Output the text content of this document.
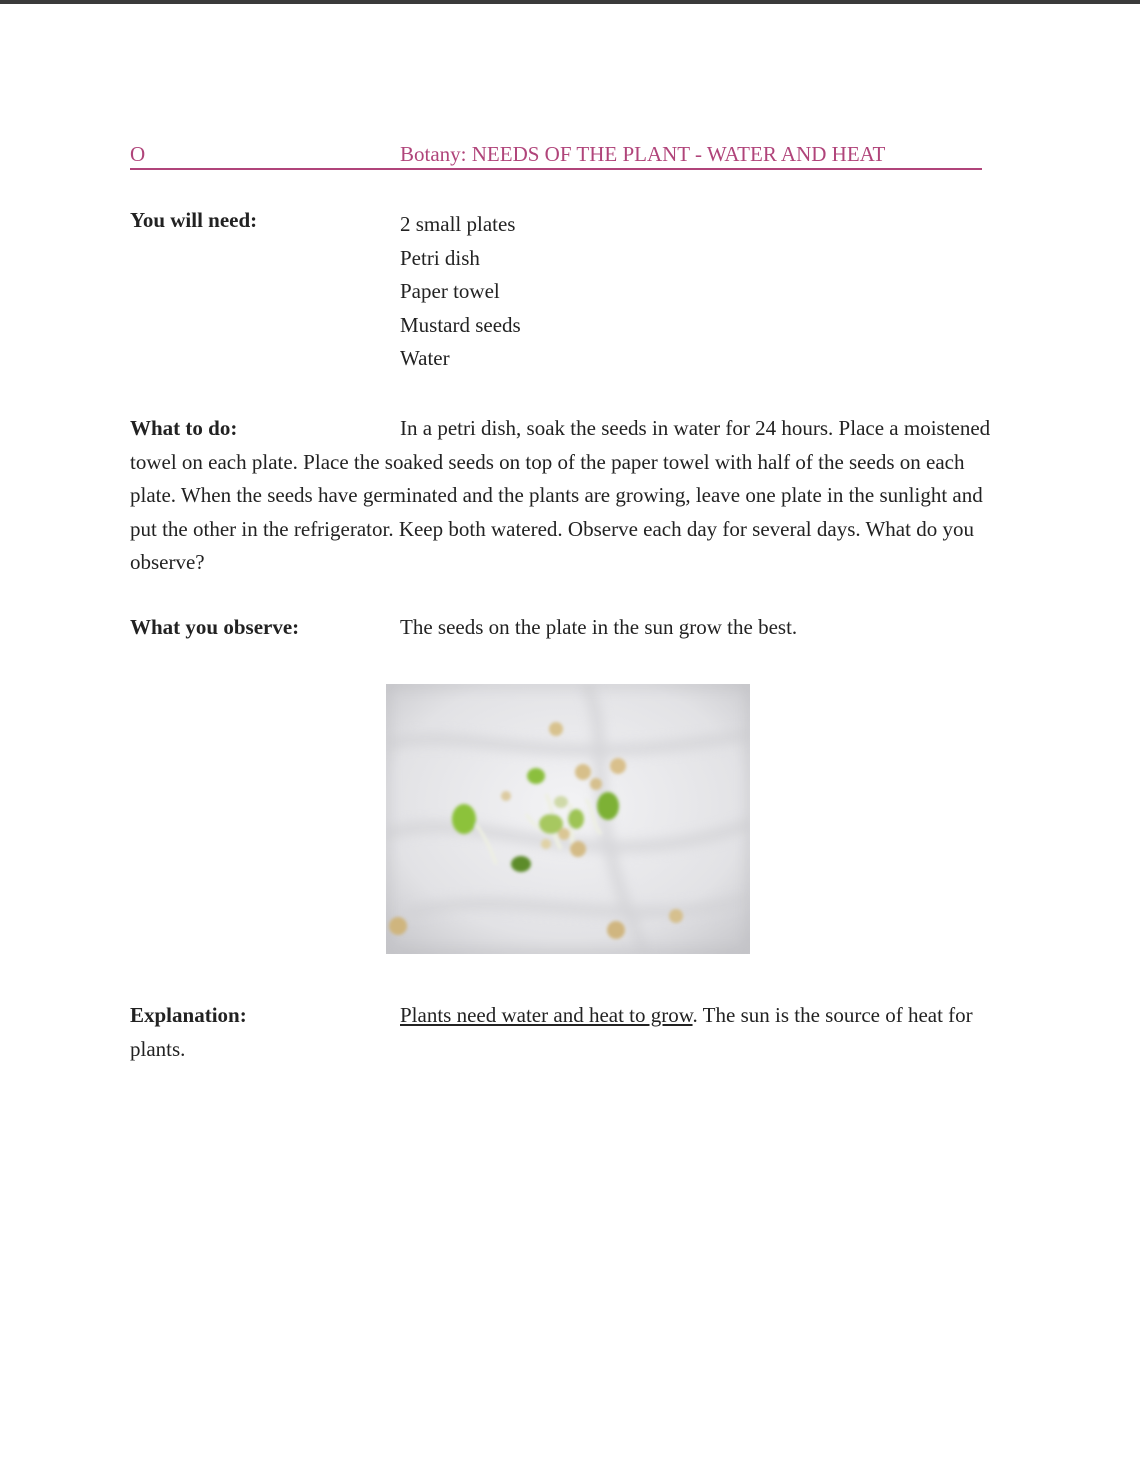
O	Botany: NEEDS OF THE PLANT - WATER AND HEAT
You will need:	2 small plates
Petri dish
Paper towel
Mustard seeds
Water
What to do:	In a petri dish, soak the seeds in water for 24 hours. Place a moistened towel on each plate. Place the soaked seeds on top of the paper towel with half of the seeds on each plate. When the seeds have germinated and the plants are growing, leave one plate in the sunlight and put the other in the refrigerator. Keep both watered. Observe each day for several days. What do you observe?
What you observe:	The seeds on the plate in the sun grow the best.
Explanation:	Plants need water and heat to grow. The sun is the source of heat for plants.
